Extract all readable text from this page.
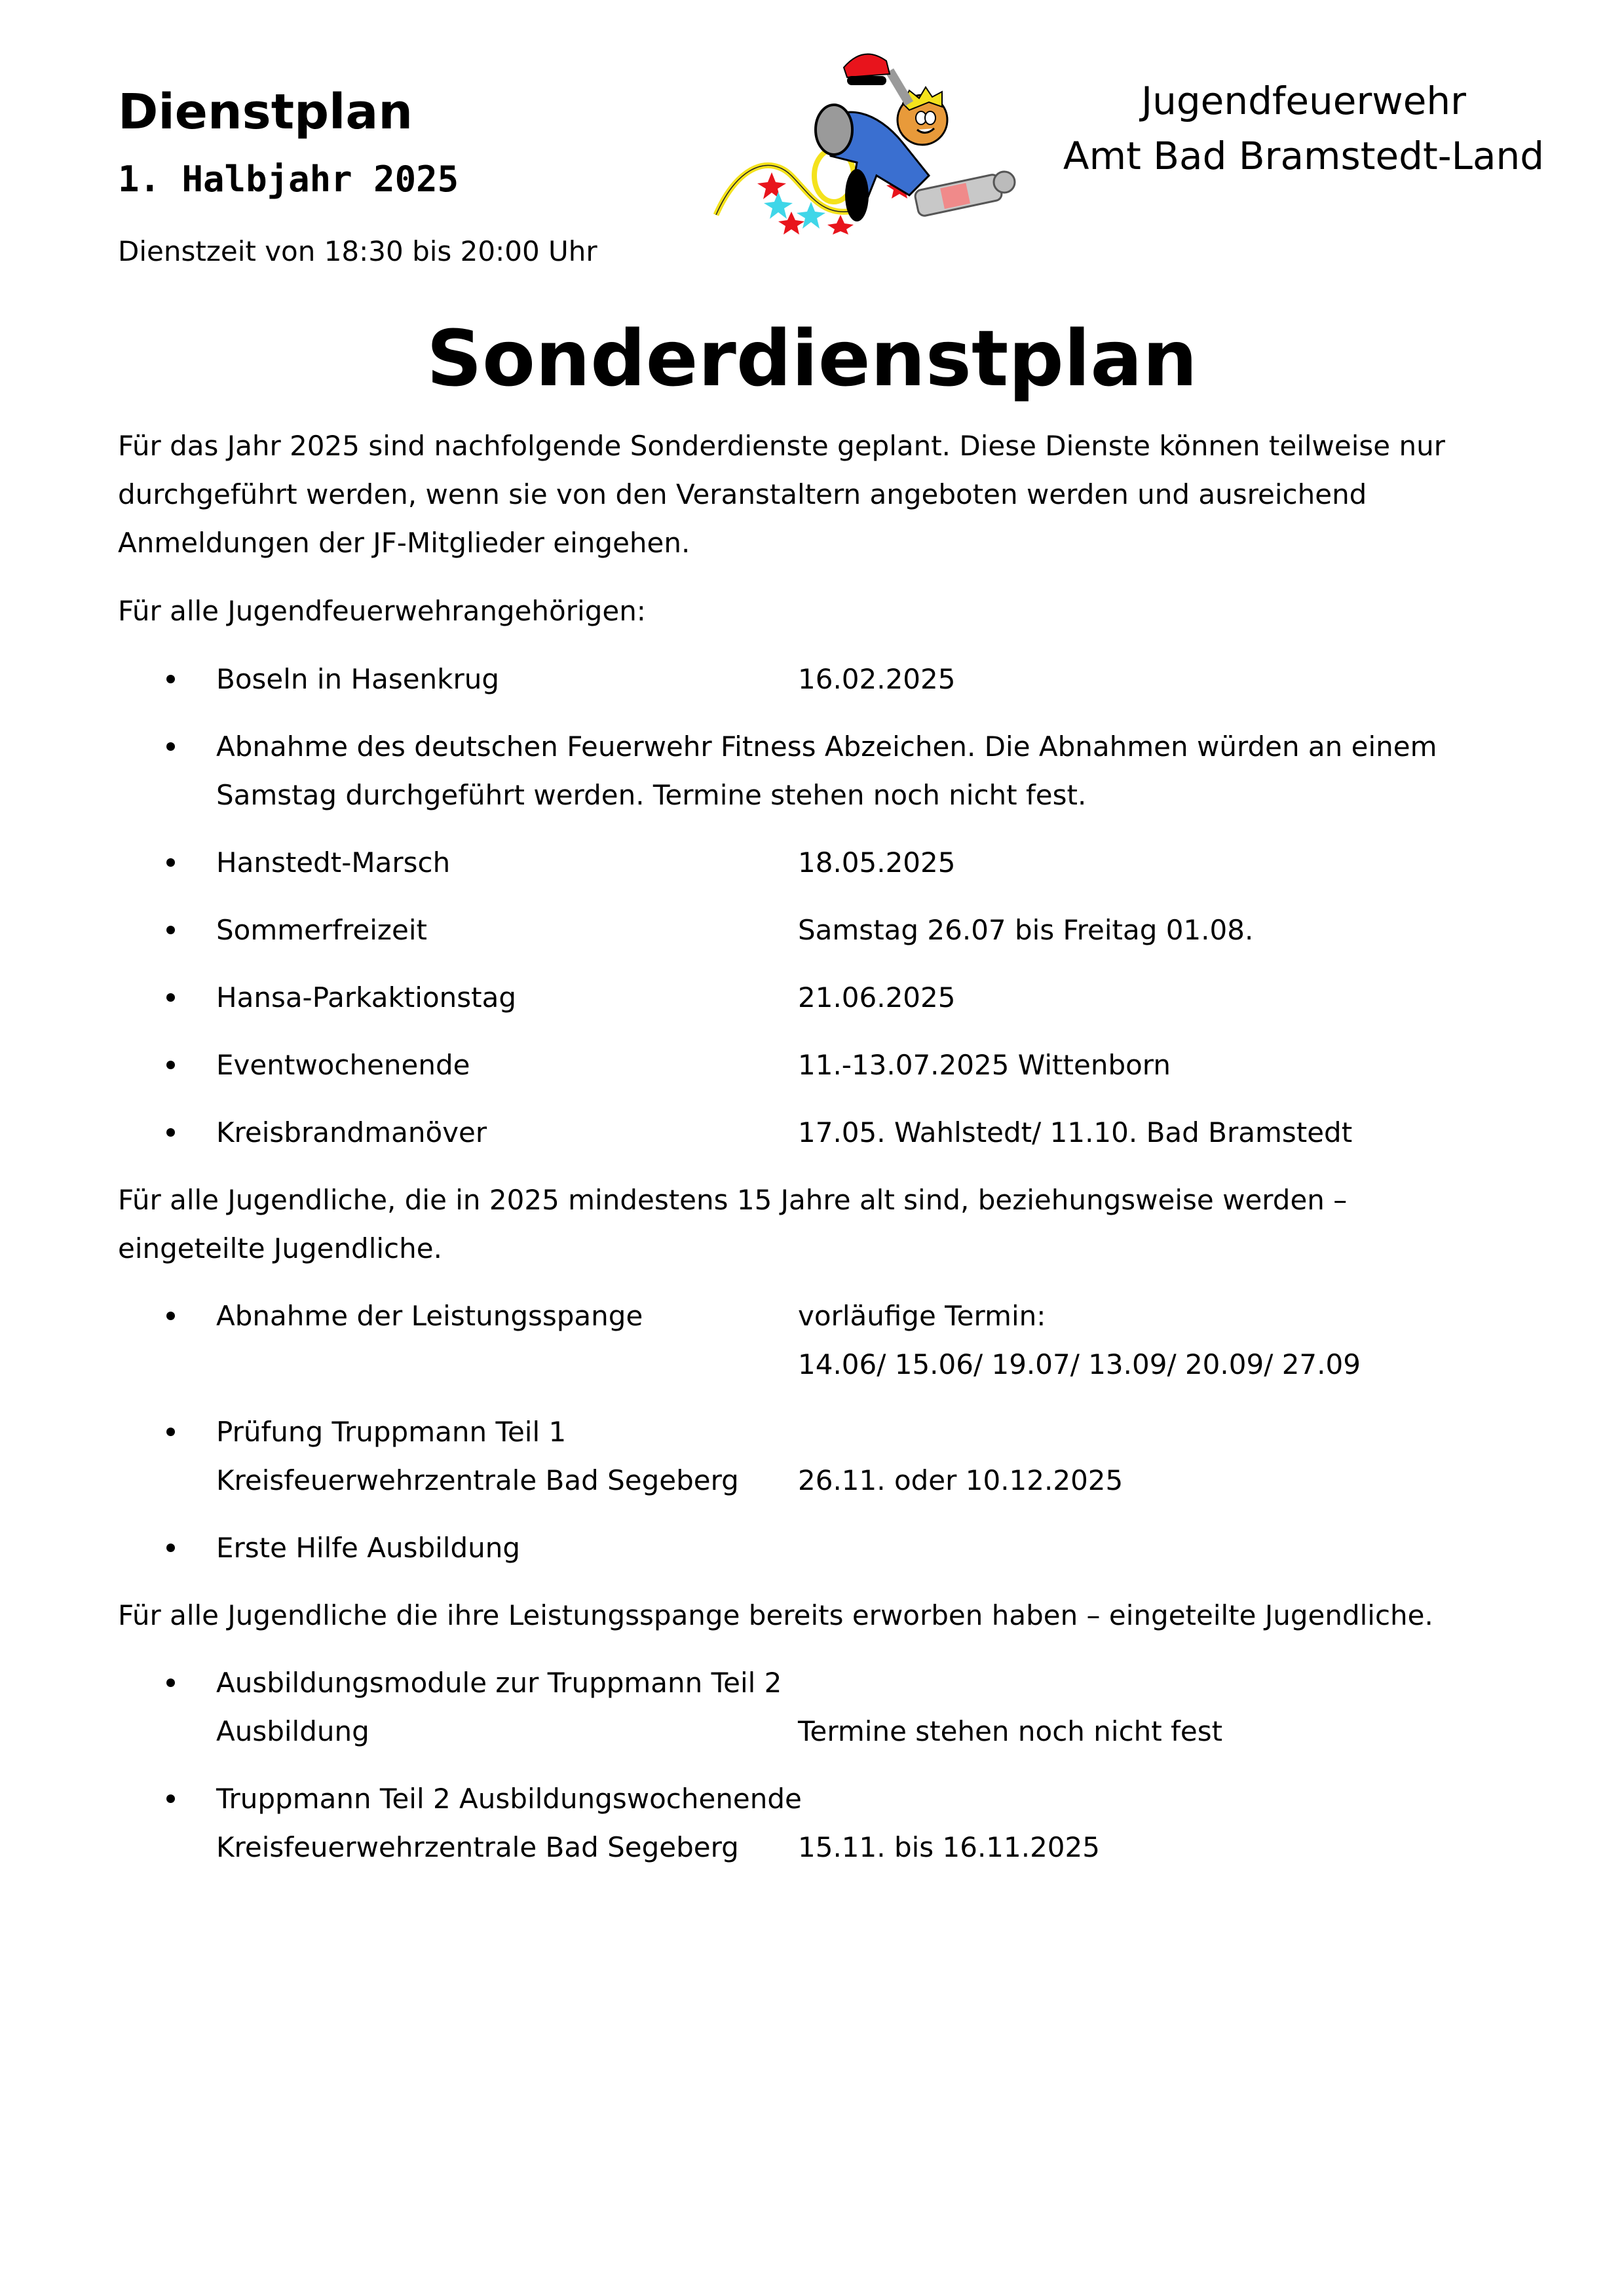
Dienstplan
1. Halbjahr 2025
Dienstzeit von 18:30 bis 20:00 Uhr
Jugendfeuerwehr
Amt Bad Bramstedt-Land
Sonderdienstplan
Für das Jahr 2025 sind nachfolgende Sonderdienste geplant. Diese Dienste können teilweise nur
durchgeführt werden, wenn sie von den Veranstaltern angeboten werden und ausreichend
Anmeldungen der JF-Mitglieder eingehen.
Für alle Jugendfeuerwehrangehörigen:
Boseln in Hasenkrug	16.02.2025
Abnahme des deutschen Feuerwehr Fitness Abzeichen. Die Abnahmen würden an einem
Samstag durchgeführt werden. Termine stehen noch nicht fest.
Hanstedt-Marsch	18.05.2025
Sommerfreizeit	Samstag 26.07 bis Freitag 01.08.
Hansa-Parkaktionstag	21.06.2025
Eventwochenende	11.-13.07.2025 Wittenborn
Kreisbrandmanöver	17.05. Wahlstedt/ 11.10. Bad Bramstedt
Für alle Jugendliche, die in 2025 mindestens 15 Jahre alt sind, beziehungsweise werden –
eingeteilte Jugendliche.
Abnahme der Leistungsspange	vorläufige Termin:
14.06/ 15.06/ 19.07/ 13.09/ 20.09/ 27.09
Prüfung Truppmann Teil 1
Kreisfeuerwehrzentrale Bad Segeberg 26.11. oder 10.12.2025
Erste Hilfe Ausbildung
Für alle Jugendliche die ihre Leistungsspange bereits erworben haben – eingeteilte Jugendliche.
Ausbildungsmodule zur Truppmann Teil 2
Ausbildung	Termine stehen noch nicht fest
Truppmann Teil 2 Ausbildungswochenende
Kreisfeuerwehrzentrale Bad Segeberg 15.11. bis 16.11.2025
